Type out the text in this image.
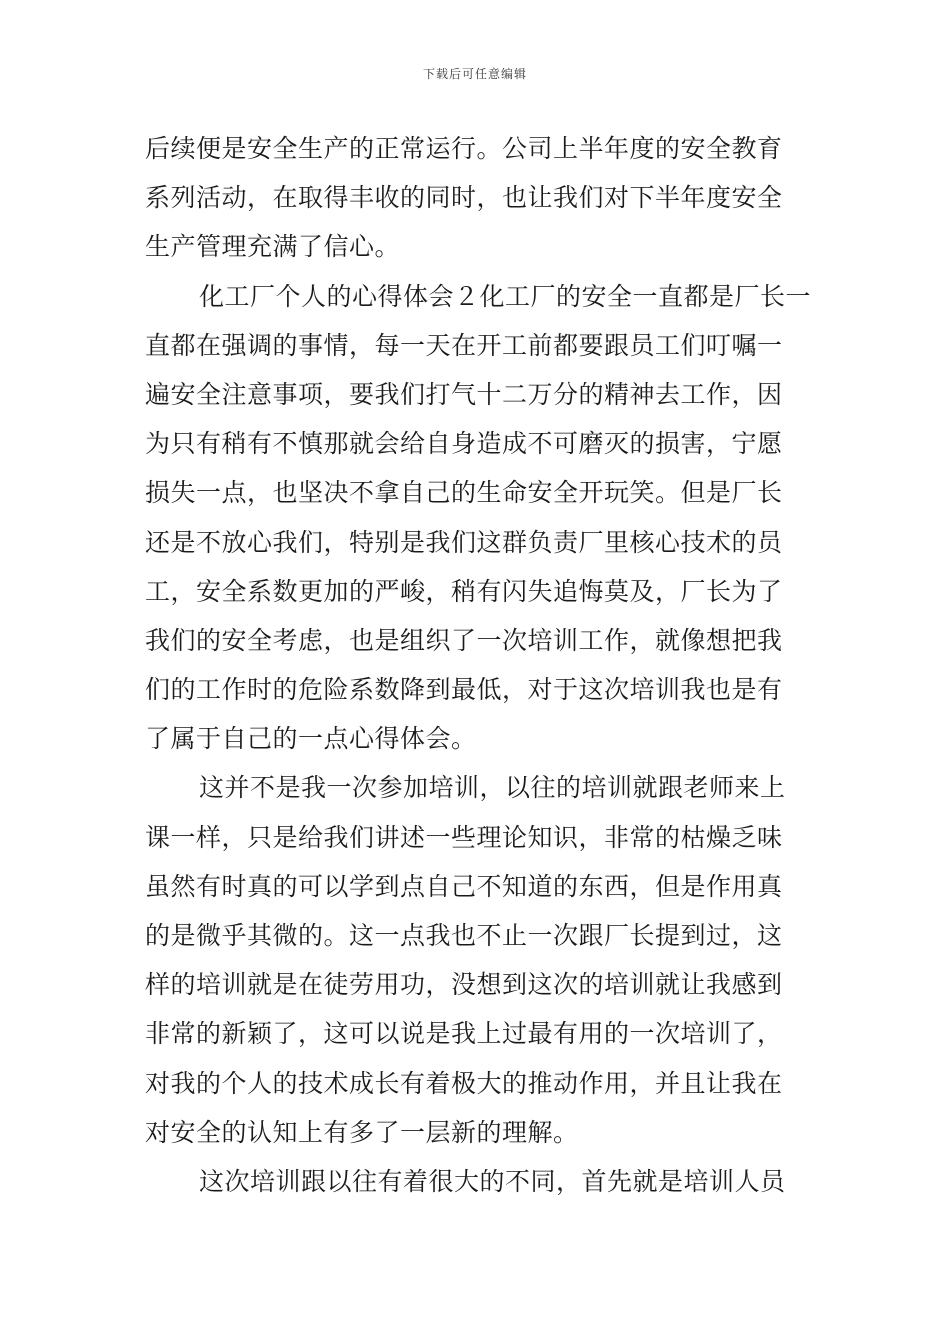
下载后可任意编辑
后续便是安全生产的正常运行。公司上半年度的安全教育
系列活动，在取得丰收的同时，也让我们对下半年度安全
生产管理充满了信心。
化工厂个人的心得体会２化工厂的安全一直都是厂长一
直都在强调的事情，每一天在开工前都要跟员工们叮嘱一
遍安全注意事项，要我们打气十二万分的精神去工作，因
为只有稍有不慎那就会给自身造成不可磨灭的损害，宁愿
损失一点，也坚决不拿自己的生命安全开玩笑。但是厂长
还是不放心我们，特别是我们这群负责厂里核心技术的员
工，安全系数更加的严峻，稍有闪失追悔莫及，厂长为了
我们的安全考虑，也是组织了一次培训工作，就像想把我
们的工作时的危险系数降到最低，对于这次培训我也是有
了属于自己的一点心得体会。
这并不是我一次参加培训，以往的培训就跟老师来上
课一样，只是给我们讲述一些理论知识，非常的枯燥乏味
虽然有时真的可以学到点自己不知道的东西，但是作用真
的是微乎其微的。这一点我也不止一次跟厂长提到过，这
样的培训就是在徒劳用功，没想到这次的培训就让我感到
非常的新颖了，这可以说是我上过最有用的一次培训了，
对我的个人的技术成长有着极大的推动作用，并且让我在
对安全的认知上有多了一层新的理解。
这次培训跟以往有着很大的不同，首先就是培训人员
